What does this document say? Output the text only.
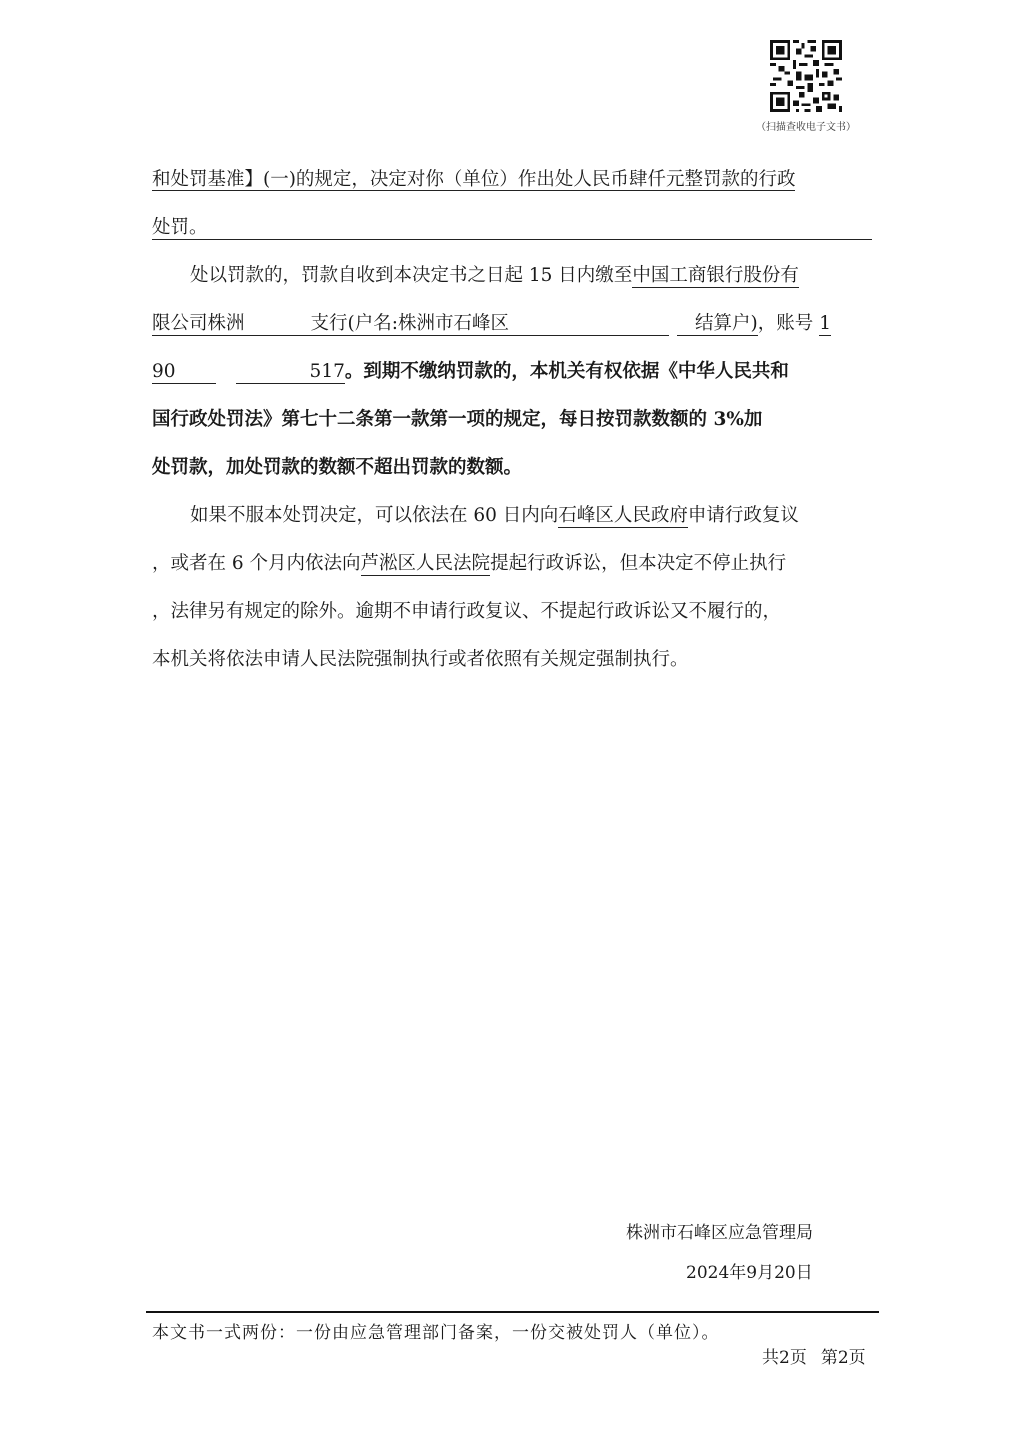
（扫描查收电子文书）
和处罚基准】(一)的规定，决定对你（单位）作出处人民币肆仟元整罚款的行政
处罚。
处以罚款的，罚款自收到本决定书之日起 15 日内缴至中国工商银行股份有
限公司株洲	支行(户名:株洲市石峰区	结算户)，账号 1
90	517。到期不缴纳罚款的，本机关有权依据《中华人民共和
国行政处罚法》第七十二条第一款第一项的规定，每日按罚款数额的 3%加
处罚款，加处罚款的数额不超出罚款的数额。
如果不服本处罚决定，可以依法在 60 日内向石峰区人民政府申请行政复议
，或者在 6 个月内依法向芦淞区人民法院提起行政诉讼，但本决定不停止执行
，法律另有规定的除外。逾期不申请行政复议、不提起行政诉讼又不履行的，
本机关将依法申请人民法院强制执行或者依照有关规定强制执行。
株洲市石峰区应急管理局
2024年9月20日
本文书一式两份：一份由应急管理部门备案，一份交被处罚人（单位）。
共2页 第2页
